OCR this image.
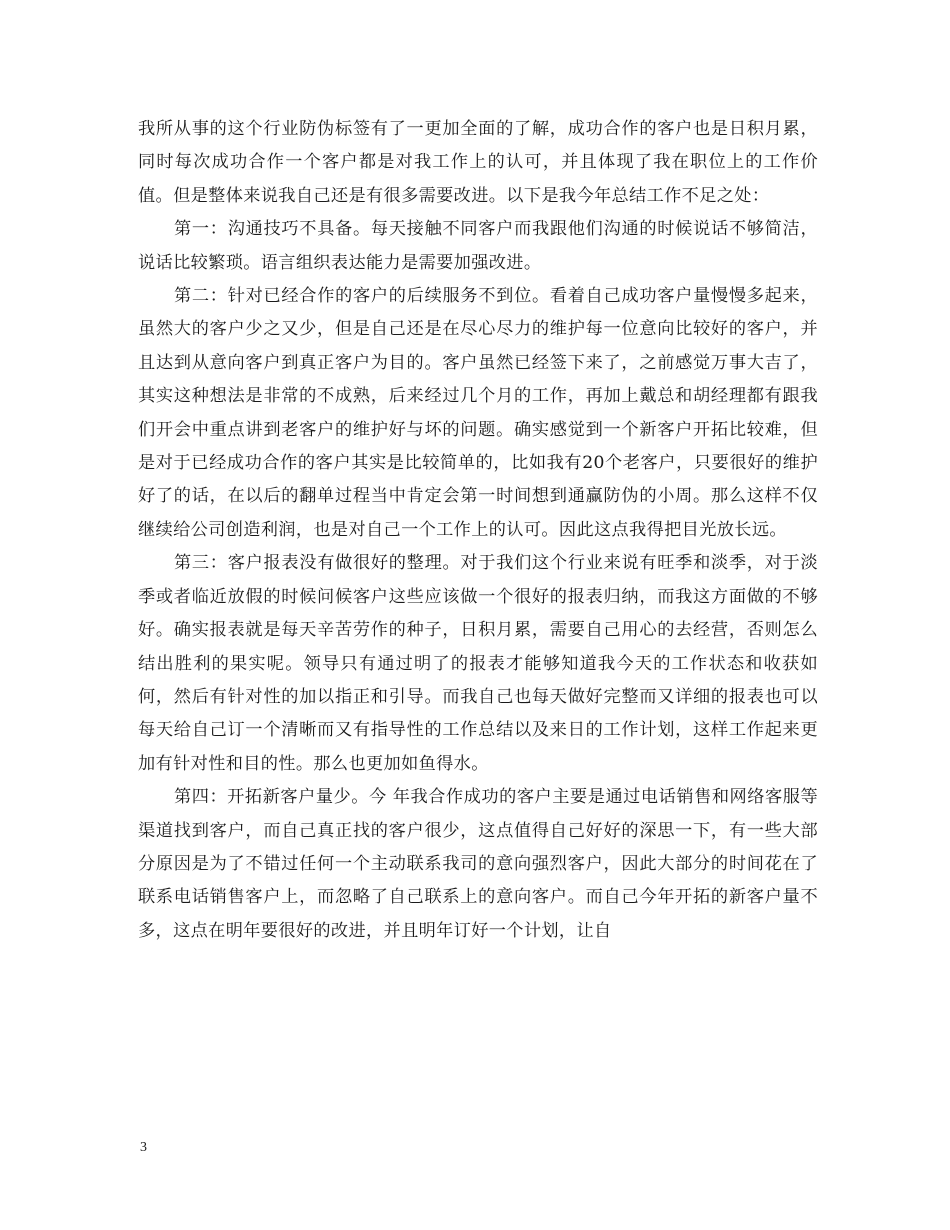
我所从事的这个行业防伪标签有了一更加全面的了解，成功合作的客户也是日积月累，同时每次成功合作一个客户都是对我工作上的认可，并且体现了我在职位上的工作价值。但是整体来说我自己还是有很多需要改进。以下是我今年总结工作不足之处：

第一：沟通技巧不具备。每天接触不同客户而我跟他们沟通的时候说话不够简洁，说话比较繁琐。语言组织表达能力是需要加强改进。

第二：针对已经合作的客户的后续服务不到位。看着自己成功客户量慢慢多起来，虽然大的客户少之又少，但是自己还是在尽心尽力的维护每一位意向比较好的客户，并且达到从意向客户到真正客户为目的。客户虽然已经签下来了，之前感觉万事大吉了，其实这种想法是非常的不成熟，后来经过几个月的工作，再加上戴总和胡经理都有跟我们开会中重点讲到老客户的维护好与坏的问题。确实感觉到一个新客户开拓比较难，但是对于已经成功合作的客户其实是比较简单的，比如我有20个老客户，只要很好的维护好了的话，在以后的翻单过程当中肯定会第一时间想到通赢防伪的小周。那么这样不仅继续给公司创造利润，也是对自己一个工作上的认可。因此这点我得把目光放长远。

第三：客户报表没有做很好的整理。对于我们这个行业来说有旺季和淡季，对于淡季或者临近放假的时候问候客户这些应该做一个很好的报表归纳，而我这方面做的不够好。确实报表就是每天辛苦劳作的种子，日积月累，需要自己用心的去经营，否则怎么结出胜利的果实呢。领导只有通过明了的报表才能够知道我今天的工作状态和收获如何，然后有针对性的加以指正和引导。而我自己也每天做好完整而又详细的报表也可以每天给自己订一个清晰而又有指导性的工作总结以及来日的工作计划，这样工作起来更加有针对性和目的性。那么也更加如鱼得水。

第四：开拓新客户量少。今 年我合作成功的客户主要是通过电话销售和网络客服等渠道找到客户，而自己真正找的客户很少，这点值得自己好好的深思一下，有一些大部分原因是为了不错过任何一个主动联系我司的意向强烈客户，因此大部分的时间花在了联系电话销售客户上，而忽略了自己联系上的意向客户。而自己今年开拓的新客户量不多，这点在明年要很好的改进，并且明年订好一个计划，让自

3
